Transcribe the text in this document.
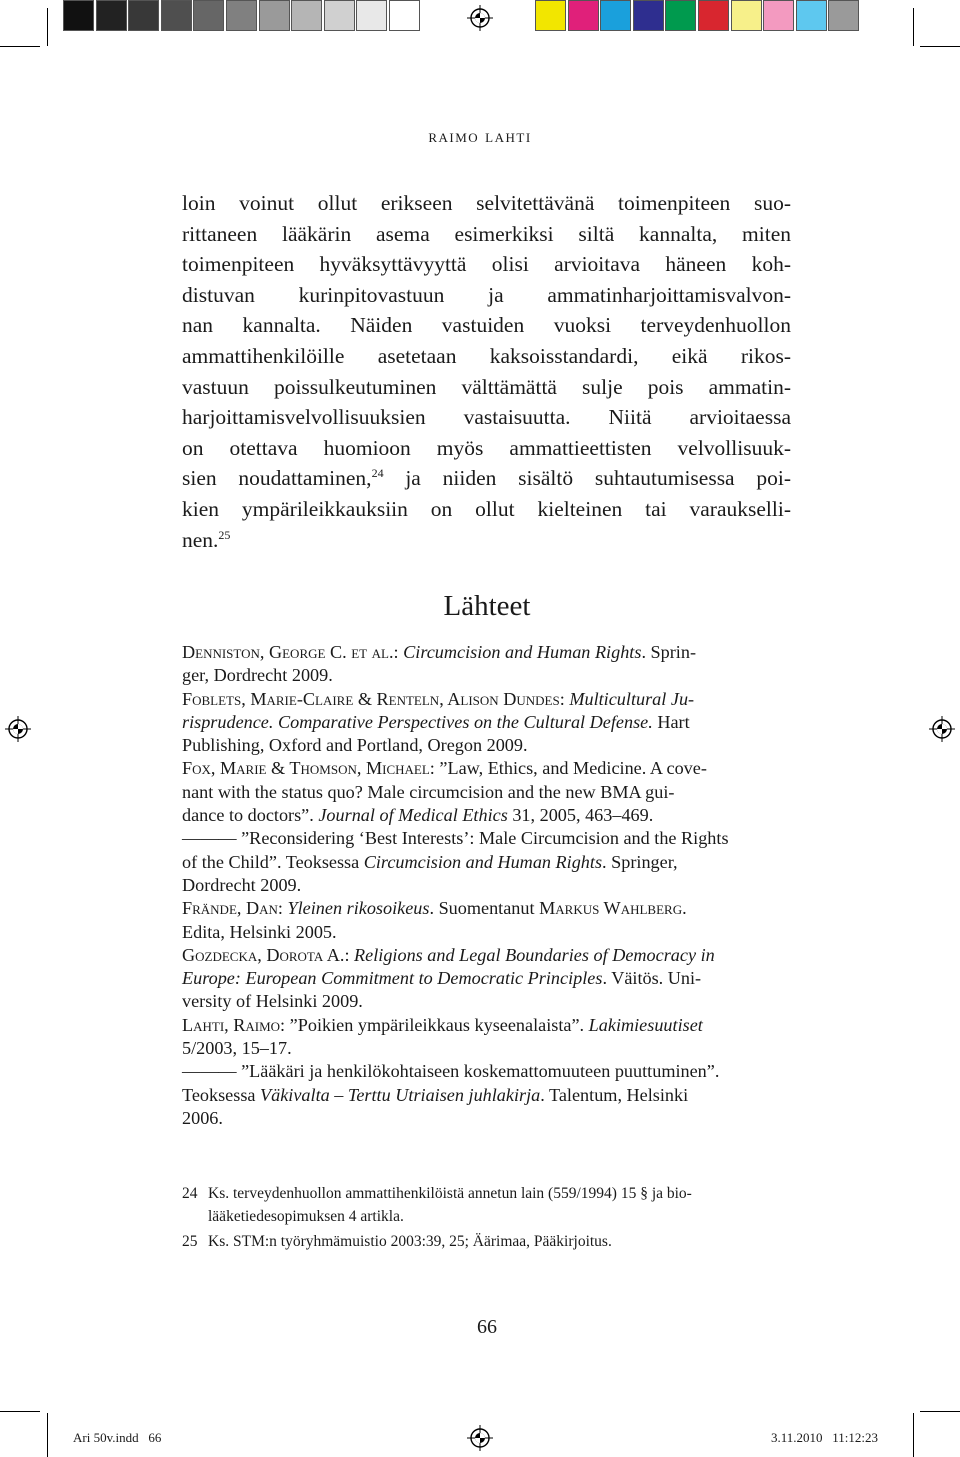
raimo lahti
loin voinut ollut erikseen selvitettävänä toimenpiteen suo-
rittaneen lääkärin asema esimerkiksi siltä kannalta, miten
toimenpiteen hyväksyttävyyttä olisi arvioitava häneen koh-
distuvan kurinpitovastuun ja ammatinharjoittamisvalvon-
nan kannalta. Näiden vastuiden vuoksi terveydenhuollon
ammattihenkilöille asetetaan kaksoisstandardi, eikä rikos-
vastuun poissulkeutuminen välttämättä sulje pois ammatin-
harjoittamisvelvollisuuksien vastaisuutta. Niitä arvioitaessa
on otettava huomioon myös ammattieettisten velvollisuuk-
sien noudattaminen,$^{24}$ ja niiden sisältö suhtautumisessa poi-
kien ympärileikkauksiin on ollut kielteinen tai varaukselli-
nen.$^{25}$
Lähteet
Denniston, George C. et al.: Circumcision and Human Rights. Sprin-
ger, Dordrecht 2009.
Foblets, Marie-Claire & Renteln, Alison Dundes: Multicultural Ju-
risprudence. Comparative Perspectives on the Cultural Defense. Hart
Publishing, Oxford and Portland, Oregon 2009.
Fox, Marie & Thomson, Michael: ”Law, Ethics, and Medicine. A cove-
nant with the status quo? Male circumcision and the new BMA gui-
dance to doctors”. Journal of Medical Ethics 31, 2005, 463–469.
——— ”Reconsidering ‘Best Interests’: Male Circumcision and the Rights
of the Child”. Teoksessa Circumcision and Human Rights. Springer,
Dordrecht 2009.
Frände, Dan: Yleinen rikosoikeus. Suomentanut Markus Wahlberg.
Edita, Helsinki 2005.
Gozdecka, Dorota A.: Religions and Legal Boundaries of Democracy in
Europe: European Commitment to Democratic Principles. Väitös. Uni-
versity of Helsinki 2009.
Lahti, Raimo: ”Poikien ympärileikkaus kyseenalaista”. Lakimiesuutiset
5/2003, 15–17.
——— ”Lääkäri ja henkilökohtaiseen koskemattomuuteen puuttuminen”.
Teoksessa Väkivalta – Terttu Utriaisen juhlakirja. Talentum, Helsinki
2006.
24 Ks. terveydenhuollon ammattihenkilöistä annetun lain (559/1994) 15 § ja bio-
lääketiedesopimuksen 4 artikla.
25 Ks. STM:n työryhmämuistio 2003:39, 25; Äärimaa, Pääkirjoitus.
66
Ari 50v.indd   66	3.11.2010   11:12:23
